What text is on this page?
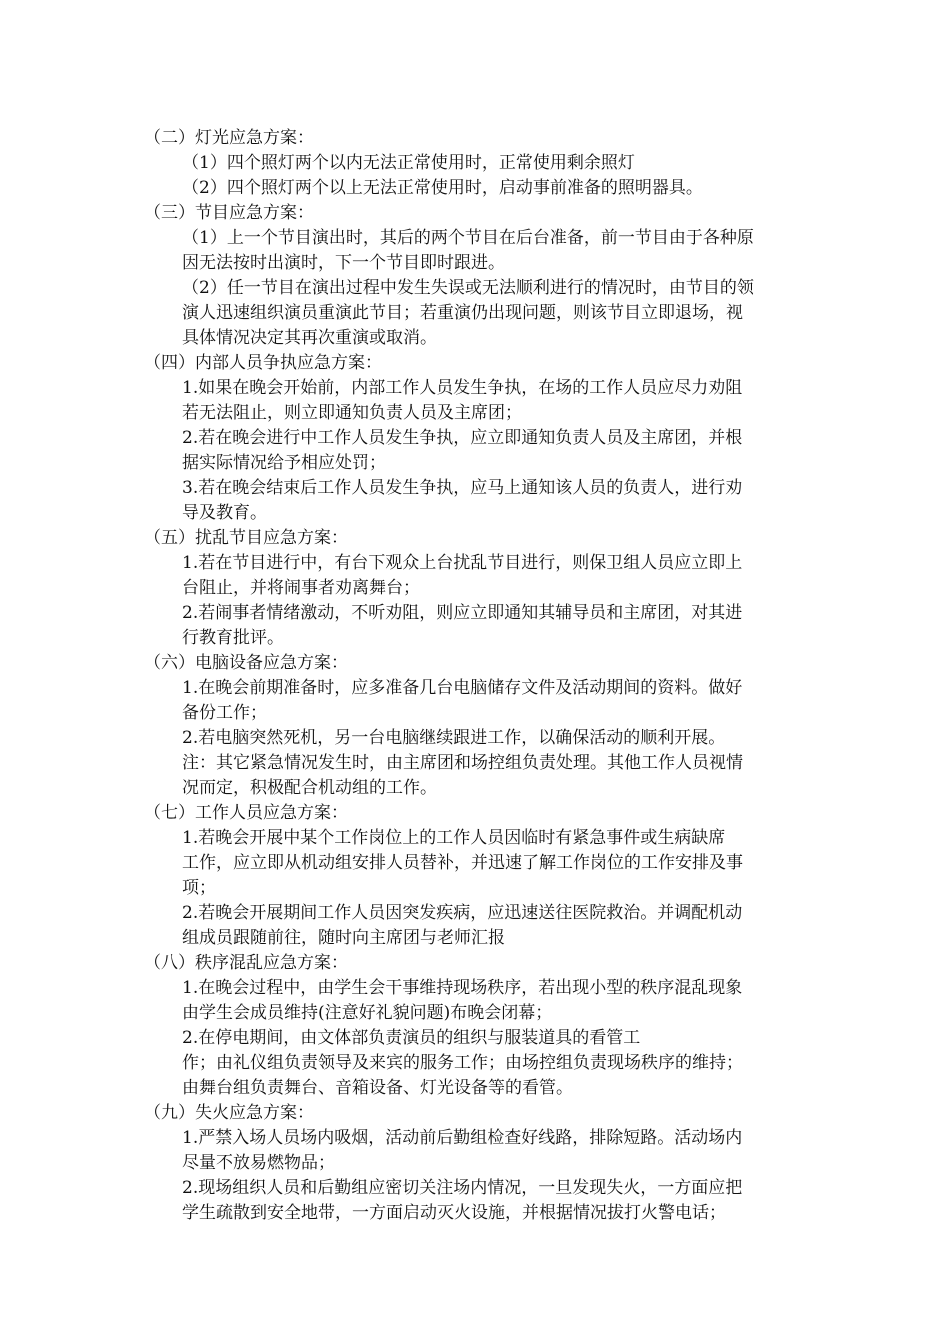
（二）灯光应急方案：
（1）四个照灯两个以内无法正常使用时，正常使用剩余照灯
（2）四个照灯两个以上无法正常使用时，启动事前准备的照明器具。
（三）节目应急方案：
（1）上一个节目演出时，其后的两个节目在后台准备，前一节目由于各种原
因无法按时出演时，下一个节目即时跟进。
（2）任一节目在演出过程中发生失误或无法顺利进行的情况时，由节目的领
演人迅速组织演员重演此节目；若重演仍出现问题，则该节目立即退场，视
具体情况决定其再次重演或取消。
（四）内部人员争执应急方案：
1.如果在晚会开始前，内部工作人员发生争执，在场的工作人员应尽力劝阻
若无法阻止，则立即通知负责人员及主席团；
2.若在晚会进行中工作人员发生争执，应立即通知负责人员及主席团，并根
据实际情况给予相应处罚；
3.若在晚会结束后工作人员发生争执，应马上通知该人员的负责人，进行劝
导及教育。
（五）扰乱节目应急方案：
1.若在节目进行中，有台下观众上台扰乱节目进行，则保卫组人员应立即上
台阻止，并将闹事者劝离舞台；
2.若闹事者情绪激动，不听劝阻，则应立即通知其辅导员和主席团，对其进
行教育批评。
（六）电脑设备应急方案：
1.在晚会前期准备时，应多准备几台电脑储存文件及活动期间的资料。做好
备份工作；
2.若电脑突然死机，另一台电脑继续跟进工作，以确保活动的顺利开展。
注：其它紧急情况发生时，由主席团和场控组负责处理。其他工作人员视情
况而定，积极配合机动组的工作。
（七）工作人员应急方案：
1.若晚会开展中某个工作岗位上的工作人员因临时有紧急事件或生病缺席
工作，应立即从机动组安排人员替补，并迅速了解工作岗位的工作安排及事
项；
2.若晚会开展期间工作人员因突发疾病，应迅速送往医院救治。并调配机动
组成员跟随前往，随时向主席团与老师汇报
（八）秩序混乱应急方案：
1.在晚会过程中，由学生会干事维持现场秩序，若出现小型的秩序混乱现象
由学生会成员维持(注意好礼貌问题)布晚会闭幕；
2.在停电期间，由文体部负责演员的组织与服装道具的看管工
作；由礼仪组负责领导及来宾的服务工作；由场控组负责现场秩序的维持；
由舞台组负责舞台、音箱设备、灯光设备等的看管。
（九）失火应急方案：
1.严禁入场人员场内吸烟，活动前后勤组检查好线路，排除短路。活动场内
尽量不放易燃物品；
2.现场组织人员和后勤组应密切关注场内情况，一旦发现失火，一方面应把
学生疏散到安全地带，一方面启动灭火设施，并根据情况拔打火警电话；
